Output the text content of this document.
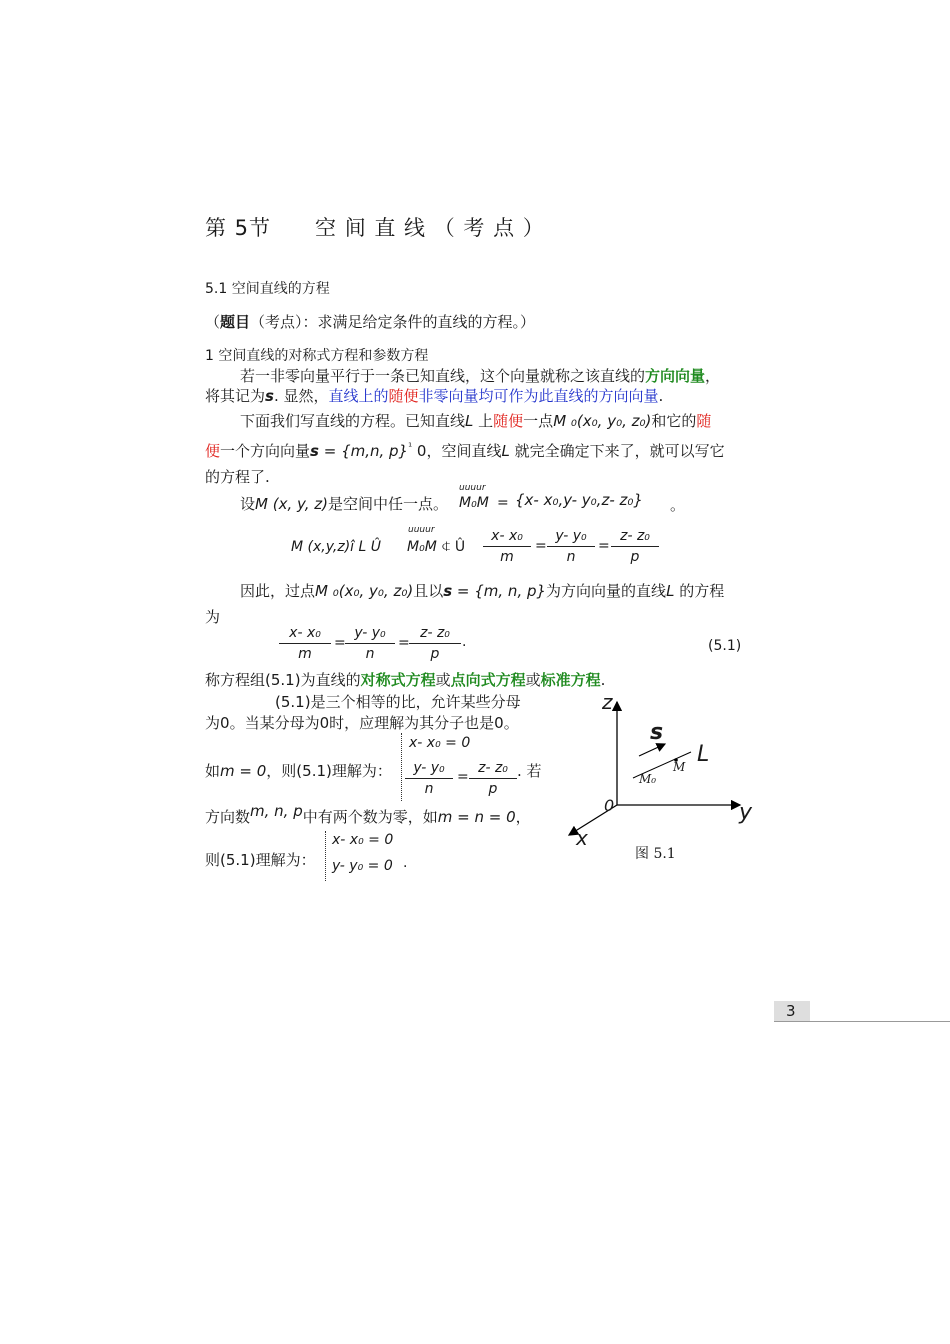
第 5节　　空 间 直 线 （ 考 点 ）
5.1 空间直线的方程
（题目（考点）：求满足给定条件的直线的方程。）
1 空间直线的对称式方程和参数方程
若一非零向量平行于一条已知直线，这个向量就称之该直线的方向向量，
将其记为s. 显然，直线上的随便非零向量均可作为此直线的方向向量.
下面我们写直线的方程。已知直线L 上随便一点M ₀(x₀, y₀, z₀)和它的随
便一个方向向量s = {m,n, p}$^{^1}$ 0，空间直线L 就完全确定下来了，就可以写它
的方程了.
设M (x, y, z)是空间中任一点。
uuuur
M₀M = {x- x₀,y- y₀,z- z₀} 。
M (x,y,z)î L Û
uuuur
M₀M ⍧ Û
x- x₀
m
=
y- y₀
n
=
z- z₀
p
因此，过点M ₀(x₀, y₀, z₀)且以s = {m, n, p}为方向向量的直线L 的方程
为
x- x₀
m
=
y- y₀
n
=
z- z₀
p
.	(5.1)
称方程组(5.1)为直线的对称式方程或点向式方程或标准方程.
(5.1)是三个相等的比，允许某些分母
为0。当某分母为0时，应理解为其分子也是0。
x- x₀ = 0
如m = 0，则(5.1)理解为：	y- y₀
n
=
z- z₀
p
. 若
方向数m, n, p中有两个数为零，如m = n = 0，
x- x₀ = 0
则(5.1)理解为： y- y₀ = 0 .
z
s
L
M
M₀
0	y
x
图 5.1
3
